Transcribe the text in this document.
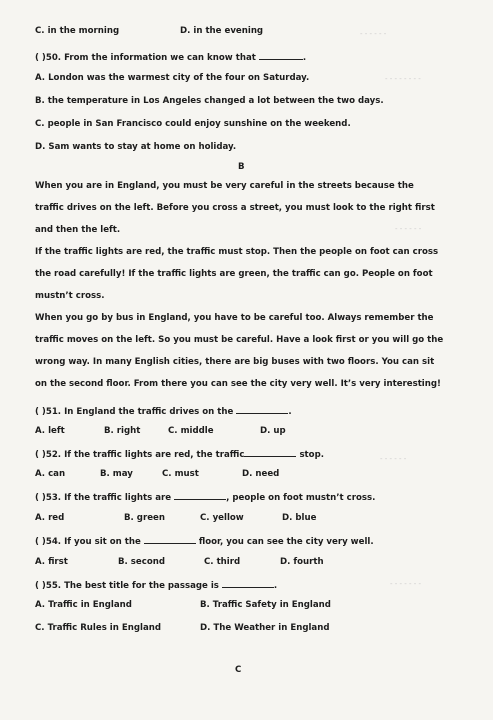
- - - - - -
- - - - - - - -
- - - - - -
- - - - - -
- - - - - - -
C. in the morning	D. in the evening
( )50. From the information we can know that	.
A. London was the warmest city of the four on Saturday.
B. the temperature in Los Angeles changed a lot between the two days.
C. people in San Francisco could enjoy sunshine on the weekend.
D. Sam wants to stay at home on holiday.
B
When you are in England, you must be very careful in the streets because the traffic drives on the left. Before you cross a street, you must look to the right first and then the left.
If the traffic lights are red, the traffic must stop. Then the people on foot can cross the road carefully! If the traffic lights are green, the traffic can go. People on foot mustn’t cross.
When you go by bus in England, you have to be careful too. Always remember the traffic moves on the left. So you must be careful. Have a look first or you will go the wrong way. In many English cities, there are big buses with two floors. You can sit on the second floor. From there you can see the city very well. It’s very interesting!
( )51. In England the traffic drives on the	.
A. left	B. right	C. middle	D. up
( )52. If the traffic lights are red, the traffic	stop.
A. can	B. may	C. must	D. need
( )53. If the traffic lights are	, people on foot mustn’t cross.
A. red	B. green	C. yellow	D. blue
( )54. If you sit on the	floor, you can see the city very well.
A. first	B. second	C. third	D. fourth
( )55. The best title for the passage is	.
A. Traffic in England	B. Traffic Safety in England
C. Traffic Rules in England	D. The Weather in England
C
